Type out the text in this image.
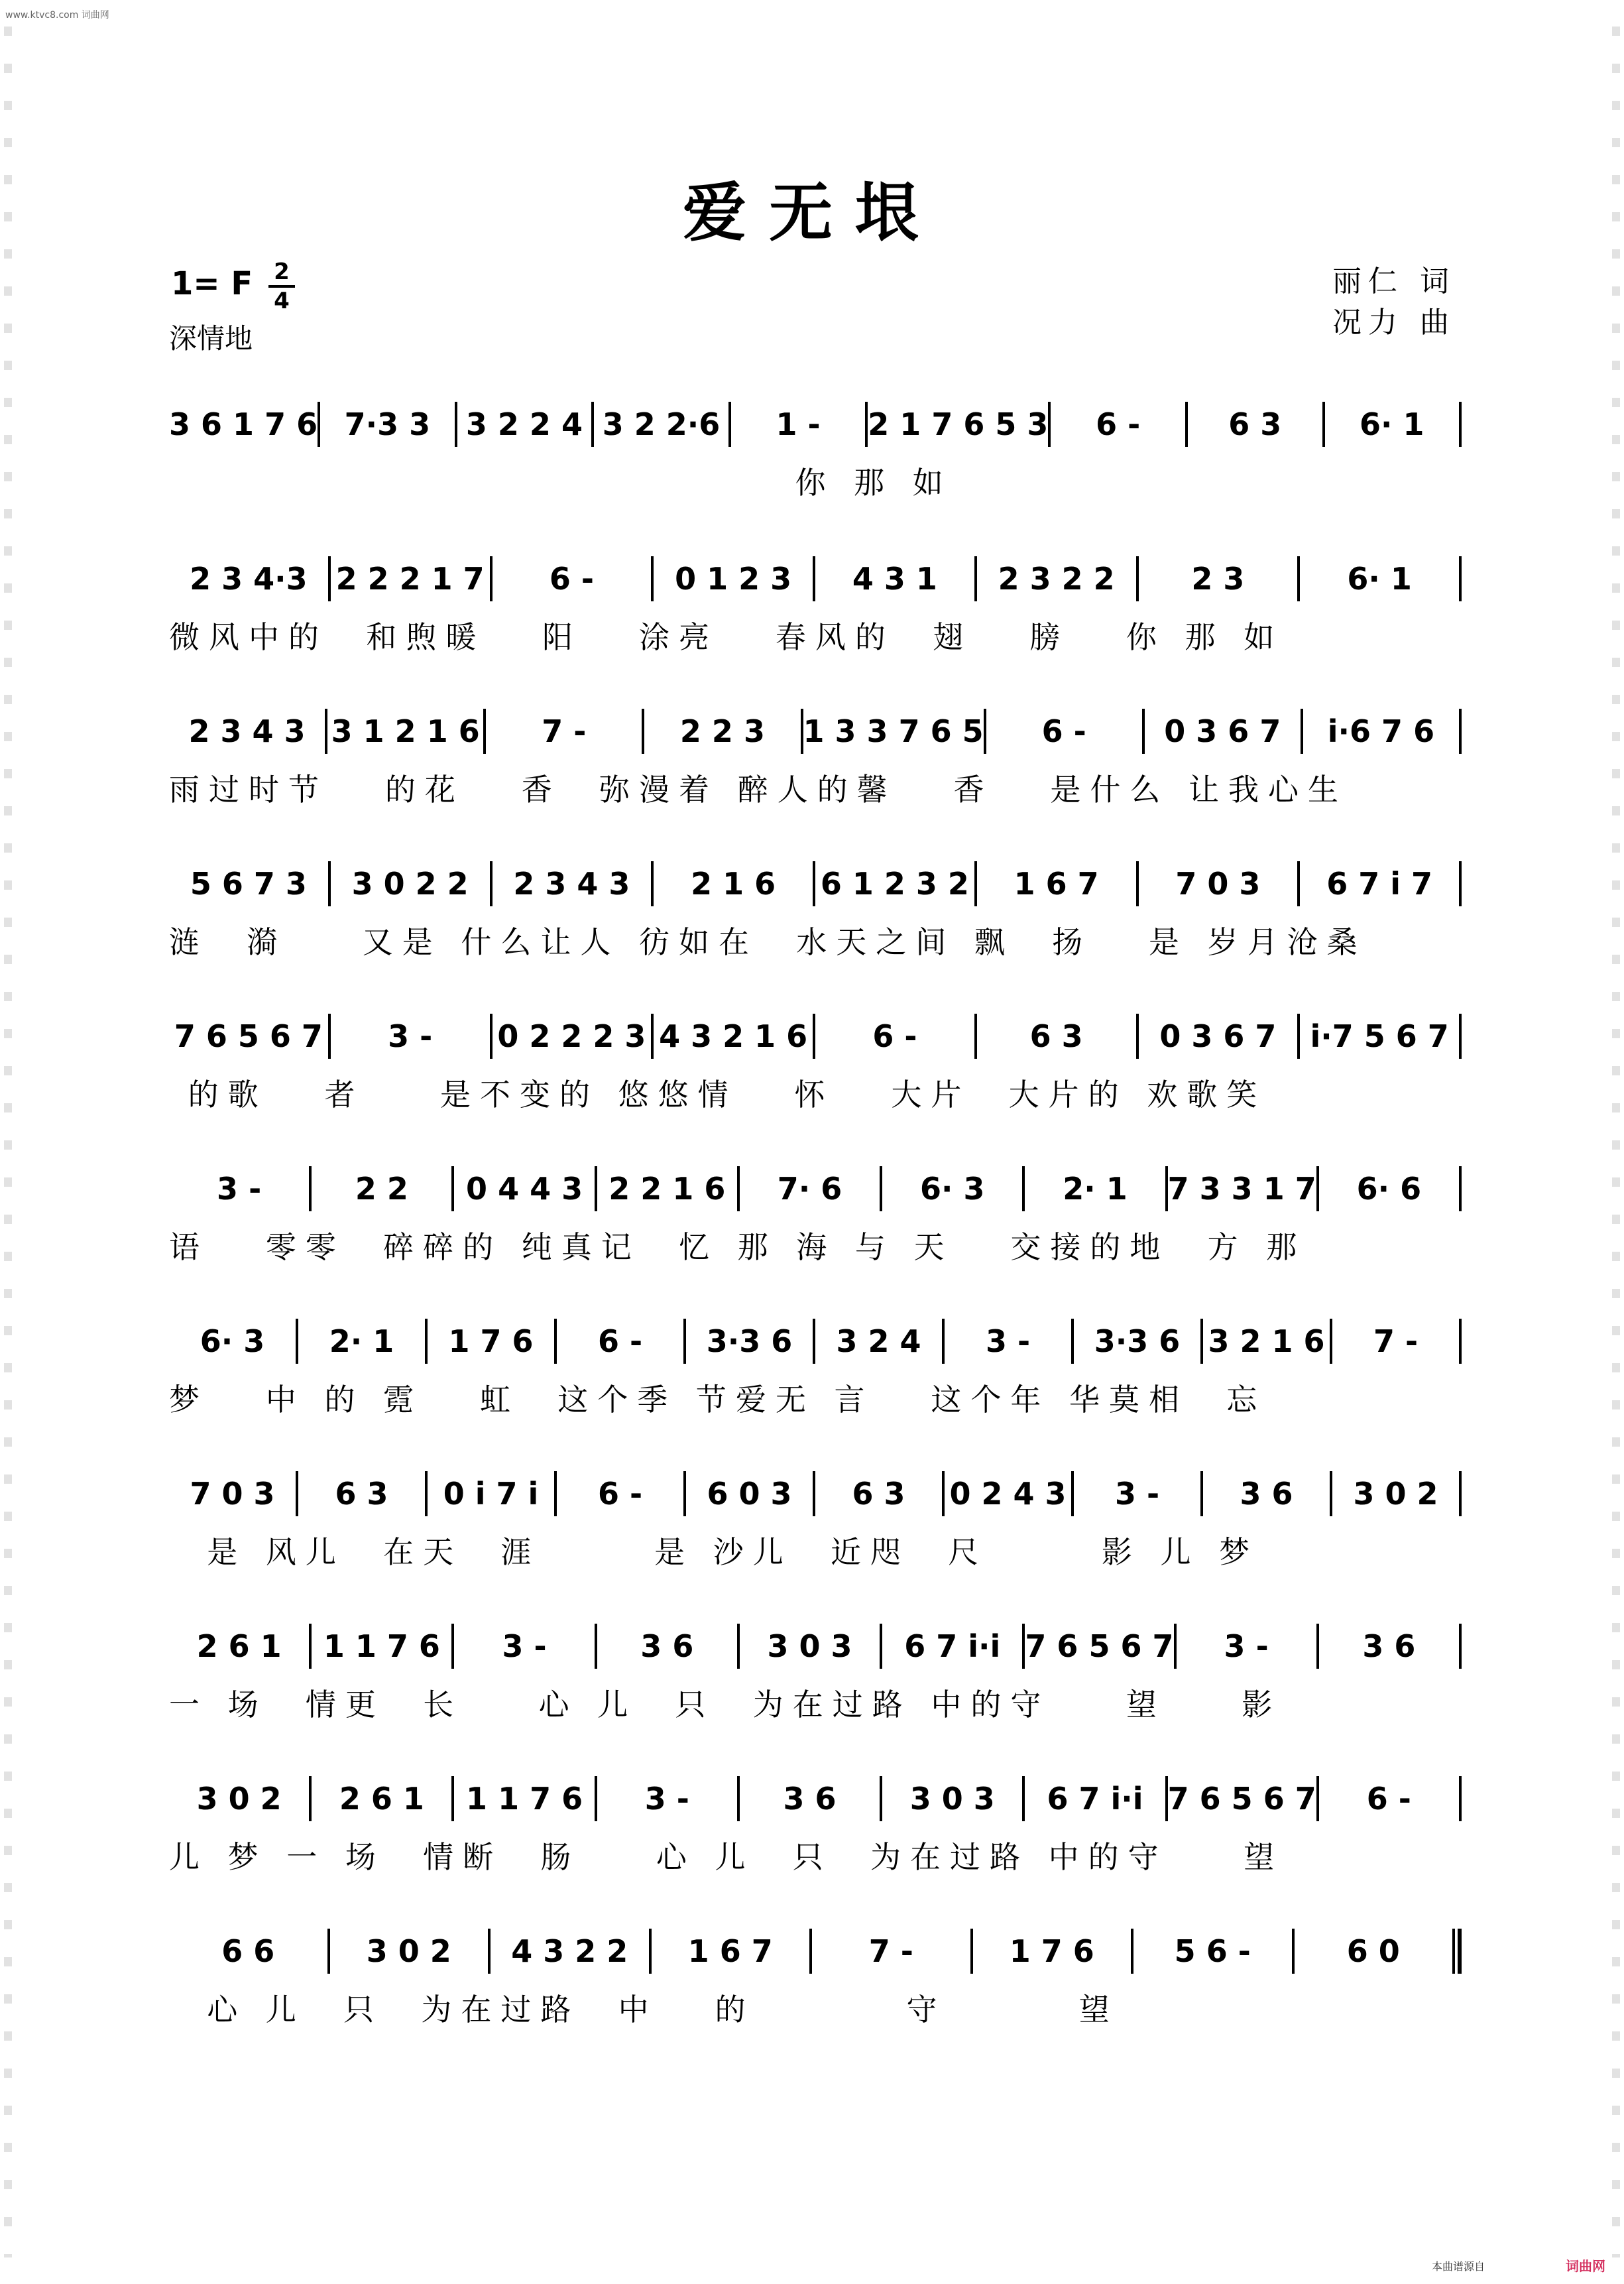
www.ktvc8.com 词曲网
爱无垠
1= F 2
4
深情地
丽仁 词
况力 曲
3 6 1 7 6 7·3 3	3 2 2 4 3 2 2·6	1 -	2 1 7 6 5 3	6 -	6 3	6· 1
你 那 如
2 3 4·3 2 2 2 1 7	6 -	0 1 2 3	4 3 1	2 3 2 2	2 3	6· 1
微风中的  和煦暖   阳   涂亮   春风的  翅   膀   你 那 如
2 3 4 3 3 1 2 1 6	7 -	2 2 3	1 3 3 7 6 5	6 -	0 3 6 7	i·6 7 6
雨过时节   的花   香  弥漫着 醉人的馨   香   是什么 让我心生
5 6 7 3	3 0 2 2	2 3 4 3	2 1 6	6 1 2 3 2	1 6 7	7 0 3	6 7 i 7
涟  漪    又是 什么让人 彷如在  水天之间 飘  扬   是 岁月沧桑
7 6 5 6 7	3 -	0 2 2 2 3 4 3 2 1 6	6 -	6 3	0 3 6 7	i·7 5 6 7
的歌   者    是不变的 悠悠情   怀   大片  大片的 欢歌笑
3 -	2 2	0 4 4 3 2 2 1 6	7· 6	6· 3	2· 1	7 3 3 1 7	6· 6
语   零零  碎碎的 纯真记  忆 那 海 与 天   交接的地  方 那
6· 3	2· 1	1 7 6	6 -	3·3 6	3 2 4	3 -	3·3 6 3 2 1 6	7 -
梦   中 的 霓   虹  这个季 节爱无 言   这个年 华莫相  忘
7 0 3	6 3	0 i 7 i	6 -	6 0 3	6 3	0 2 4 3	3 -	3 6	3 0 2
是 风儿  在天  涯      是 沙儿  近咫  尺      影 儿 梦
2 6 1	1 1 7 6	3 -	3 6	3 0 3	6 7 i·i 7 6 5 6 7	3 -	3 6
一 场  情更  长    心 儿  只  为在过路 中的守    望    影
3 0 2	2 6 1	1 1 7 6	3 -	3 6	3 0 3	6 7 i·i 7 6 5 6 7	6 -
儿 梦 一 场  情断  肠    心 儿  只  为在过路 中的守    望
6 6	3 0 2	4 3 2 2	1 6 7	7 -	1 7 6	5 6 -	6 0
心 儿  只  为在过路  中   的        守       望
本曲谱源自	词曲网
